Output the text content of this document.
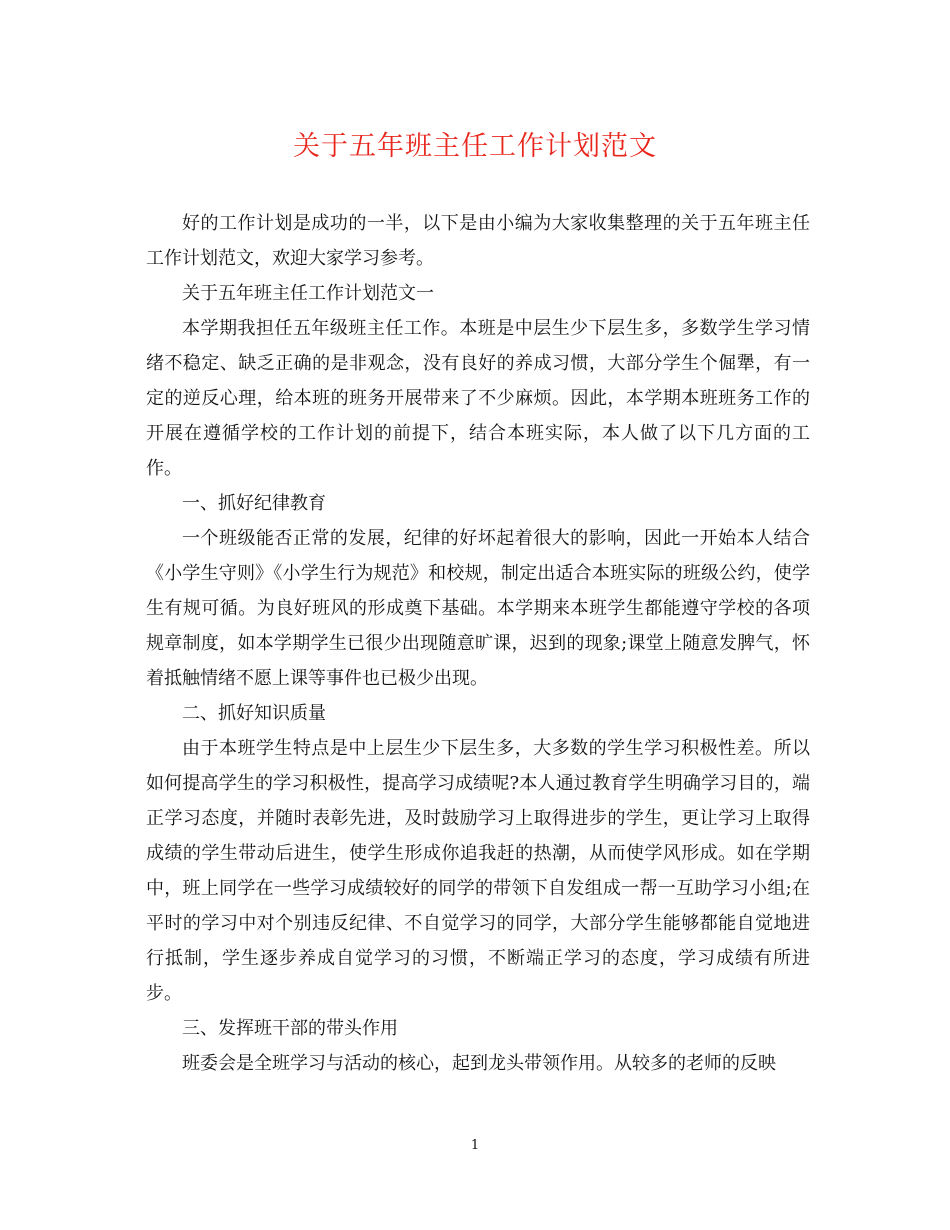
关于五年班主任工作计划范文

好的工作计划是成功的一半，以下是由小编为大家收集整理的关于五年班主任工作计划范文，欢迎大家学习参考。

关于五年班主任工作计划范文一

本学期我担任五年级班主任工作。本班是中层生少下层生多，多数学生学习情绪不稳定、缺乏正确的是非观念，没有良好的养成习惯，大部分学生个倔犟，有一定的逆反心理，给本班的班务开展带来了不少麻烦。因此，本学期本班班务工作的开展在遵循学校的工作计划的前提下，结合本班实际，本人做了以下几方面的工作。

一、抓好纪律教育

一个班级能否正常的发展，纪律的好坏起着很大的影响，因此一开始本人结合《小学生守则》《小学生行为规范》和校规，制定出适合本班实际的班级公约，使学生有规可循。为良好班风的形成奠下基础。本学期来本班学生都能遵守学校的各项规章制度，如本学期学生已很少出现随意旷课，迟到的现象;课堂上随意发脾气，怀着抵触情绪不愿上课等事件也已极少出现。

二、抓好知识质量

由于本班学生特点是中上层生少下层生多，大多数的学生学习积极性差。所以如何提高学生的学习积极性，提高学习成绩呢?本人通过教育学生明确学习目的，端正学习态度，并随时表彰先进，及时鼓励学习上取得进步的学生，更让学习上取得成绩的学生带动后进生，使学生形成你追我赶的热潮，从而使学风形成。如在学期中，班上同学在一些学习成绩较好的同学的带领下自发组成一帮一互助学习小组;在平时的学习中对个别违反纪律、不自觉学习的同学，大部分学生能够都能自觉地进行抵制，学生逐步养成自觉学习的习惯，不断端正学习的态度，学习成绩有所进步。

三、发挥班干部的带头作用

班委会是全班学习与活动的核心，起到龙头带领作用。从较多的老师的反映

1
